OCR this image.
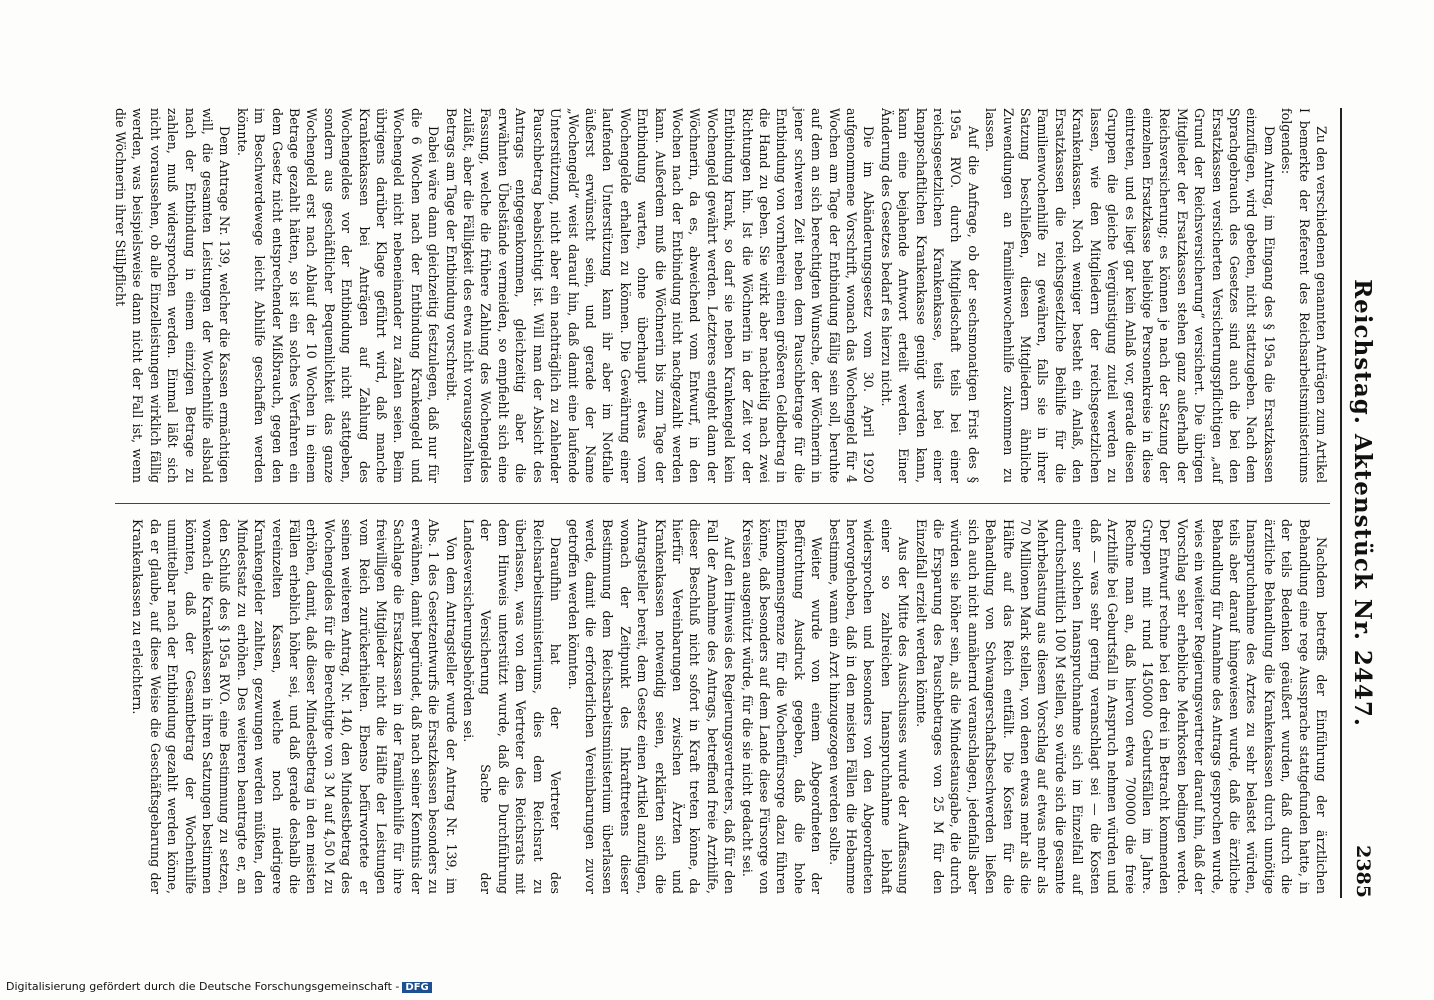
Reichstag. Aktenstück Nr. 2447.
2385

Zu den verschiedenen genannten Anträgen zum Artikel I bemerkte der Referent des Reichsarbeitsministeriums folgendes:

Dem Antrag, im Eingang des § 195a die Ersatzkassen einzufügen, wird gebeten, nicht stattzugeben. Nach dem Sprachgebrauch des Gesetzes sind auch die bei den Ersatzkassen versicherten Versicherungspflichtigen „auf Grund der Reichsversicherung“ versichert. Die übrigen Mitglieder der Ersatzkassen stehen ganz außerhalb der Reichsversicherung; es können je nach der Satzung der einzelnen Ersatzkasse beliebige Personenkreise in diese eintreten, und es liegt gar kein Anlaß vor, gerade diesen Gruppen die gleiche Vergünstigung zuteil werden zu lassen, wie den Mitgliedern der reichsgesetzlichen Krankenkassen. Noch weniger besteht ein Anlaß, den Ersatzkassen die reichsgesetzliche Beihilfe für die Familienwochenhilfe zu gewähren, falls sie in ihrer Satzung beschließen, diesen Mitgliedern ähnliche Zuwendungen an Familienwochenhilfe zukommen zu lassen.

Auf die Anfrage, ob der sechsmonatigen Frist des § 195a RVO. durch Mitgliedschaft teils bei einer reichsgesetzlichen Krankenkasse, teils bei einer knappschaftlichen Krankenkasse genügt werden kann, kann eine bejahende Antwort erteilt werden. Einer Änderung des Gesetzes bedarf es hierzu nicht.

Die im Abänderungsgesetz vom 30. April 1920 aufgenommene Vorschrift, wonach das Wochengeld für 4 Wochen am Tage der Entbindung fällig sein soll, beruhte auf dem an sich berechtigten Wunsche, der Wöchnerin in jener schweren Zeit neben dem Pauschbetrage für die Entbindung von vornherein einen größeren Geldbetrag in die Hand zu geben. Sie wirkt aber nachteilig nach zwei Richtungen hin. Ist die Wöchnerin in der Zeit vor der Entbindung krank, so darf sie neben Krankengeld kein Wochengeld gewährt werden. Letzteres entgeht dann der Wöchnerin, da es, abweichend vom Entwurf, in den Wochen nach der Entbindung nicht nachgezahlt werden kann. Außerdem muß die Wöchnerin bis zum Tage der Entbindung warten, ohne überhaupt etwas vom Wochengelde erhalten zu können. Die Gewährung einer laufenden Unterstützung kann ihr aber im Notfalle äußerst erwünscht sein, und gerade der Name „Wochengeld“ weist darauf hin, daß damit eine laufende Unterstützung, nicht aber ein nachträglich zu zahlender Pauschbetrag beabsichtigt ist. Will man der Absicht des Antrags entgegenkommen, gleichzeitig aber die erwähnten Übelstände vermeiden, so empfiehlt sich eine Fassung, welche die frühere Zahlung des Wochengeldes zuläßt, aber die Fälligkeit des etwa nicht vorausgezahlten Betrags am Tage der Entbindung vorschreibt.

Dabei wäre dann gleichzeitig festzulegen, daß nur für die 6 Wochen nach der Entbindung Krankengeld und Wochengeld nicht nebeneinander zu zahlen seien. Beim übrigens darüber Klage geführt wird, daß manche Krankenkassen bei Anträgen auf Zahlung des Wochengeldes vor der Entbindung nicht stattgeben, sondern aus geschäftlicher Bequemlichkeit das ganze Wochengeld erst nach Ablauf der 10 Wochen in einem Betrage gezahlt hätten, so ist ein solches Verfahren ein dem Gesetz nicht entsprechender Mißbrauch, gegen den im Beschwerdewege leicht Abhilfe geschaffen werden könnte.

Dem Antrage Nr. 139, welcher die Kassen ermächtigen will, die gesamten Leistungen der Wochenhilfe alsbald nach der Entbindung in einem einzigen Betrage zu zahlen, muß widersprochen werden. Einmal läßt sich nicht voraussehen, ob alle Einzelleistungen wirklich fällig werden, was beispielsweise dann nicht der Fall ist, wenn die Wöchnerin ihrer Stillpflicht

Nachdem betreffs der Einführung der ärztlichen Behandlung eine rege Aussprache stattgefunden hatte, in der teils Bedenken geäußert wurden, daß durch die ärztliche Behandlung die Krankenkassen durch unnötige Inanspruchnahme des Arztes zu sehr belastet würden, teils aber darauf hingewiesen wurde, daß die ärztliche Behandlung für Annahme des Antrags gesprochen wurde, wies ein weiterer Regierungsvertreter darauf hin, daß der Vorschlag sehr erhebliche Mehrkosten bedingen werde. Der Entwurf rechne bei den drei in Betracht kommenden Gruppen mit rund 1450000 Geburtsfällen im Jahre. Rechne man an, daß hiervon etwa 700000 die freie Arzthilfe bei Geburtsfall in Anspruch nehmen würden und daß — was sehr gering veranschlagt sei — die Kosten einer solchen Inanspruchnahme sich im Einzelfall auf durchschnittlich 100 M stellen, so würde sich die gesamte Mehrbelastung aus diesem Vorschlag auf etwas mehr als 70 Millionen Mark stellen, von denen etwas mehr als die Hälfte auf das Reich entfällt. Die Kosten für die Behandlung von Schwangerschaftsbeschwerden ließen sich auch nicht annähernd veranschlagen, jedenfalls aber würden sie höher sein, als die Mindestausgabe, die durch die Ersparung des Pauschbetrages von 25 M für den Einzelfall erzielt werden könnte.

Aus der Mitte des Ausschusses wurde der Auffassung einer so zahlreichen Inanspruchnahme lebhaft widersprochen und besonders von den Abgeordneten hervorgehoben, daß in den meisten Fällen die Hebamme bestimme, wann ein Arzt hinzugezogen werden sollte.

Weiter wurde von einem Abgeordneten der Befürchtung Ausdruck gegeben, daß die hohe Einkommensgrenze für die Wochenfürsorge dazu führen könne, daß besonders auf dem Lande diese Fürsorge von Kreisen ausgenützt würde, für die sie nicht gedacht sei.

Auf den Hinweis des Regierungsvertreters, daß für den Fall der Annahme des Antrags, betreffend freie Arzthilfe, dieser Beschluß nicht sofort in Kraft treten könne, da hierfür Vereinbarungen zwischen Ärzten und Krankenkassen notwendig seien, erklärten sich die Antragsteller bereit, dem Gesetz einen Artikel anzufügen, wonach der Zeitpunkt des Inkrafttretens dieser Bestimmung dem Reichsarbeitsministerium überlassen werde, damit die erforderlichen Vereinbarungen zuvor getroffen werden könnten.

Daraufhin hat der Vertreter des Reichsarbeitsministeriums, dies dem Reichsrat zu überlassen, was von dem Vertreter des Reichsrats mit dem Hinweis unterstützt wurde, daß die Durchführung der Versicherung Sache der Landesversicherungsbehörden sei.

Von dem Antragsteller wurde der Antrag Nr. 139, im Abs. 1 des Gesetzentwurfs die Ersatzkassen besonders zu erwähnen, damit begründet, daß nach seiner Kenntnis der Sachlage die Ersatzkassen in der Familienhilfe für ihre freiwilligen Mitglieder nicht die Hälfte der Leistungen vom Reich zurückerhielten. Ebenso befürwortete er seinen weiteren Antrag, Nr. 140, den Mindestbetrag des Wochengeldes für die Berechtigte von 3 M auf 4,50 M zu erhöhen, damit, daß dieser Mindestbetrag in den meisten Fällen erheblich höher sei, und daß gerade deshalb die vereinzelten Kassen, welche noch niedrigere Krankengelder zahlten, gezwungen werden müßten, den Mindestsatz zu erhöhen. Des weiteren beantragte er, an den Schluß des § 195a RVO. eine Bestimmung zu setzen, wonach die Krankenkassen in ihren Satzungen bestimmen könnten, daß der Gesamtbetrag der Wochenhilfe unmittelbar nach der Entbindung gezahlt werden könne, da er glaube, auf diese Weise die Geschäftsgebarung der Krankenkassen zu erleichtern.

Digitalisierung gefördert durch die Deutsche Forschungsgemeinschaft - DFG
